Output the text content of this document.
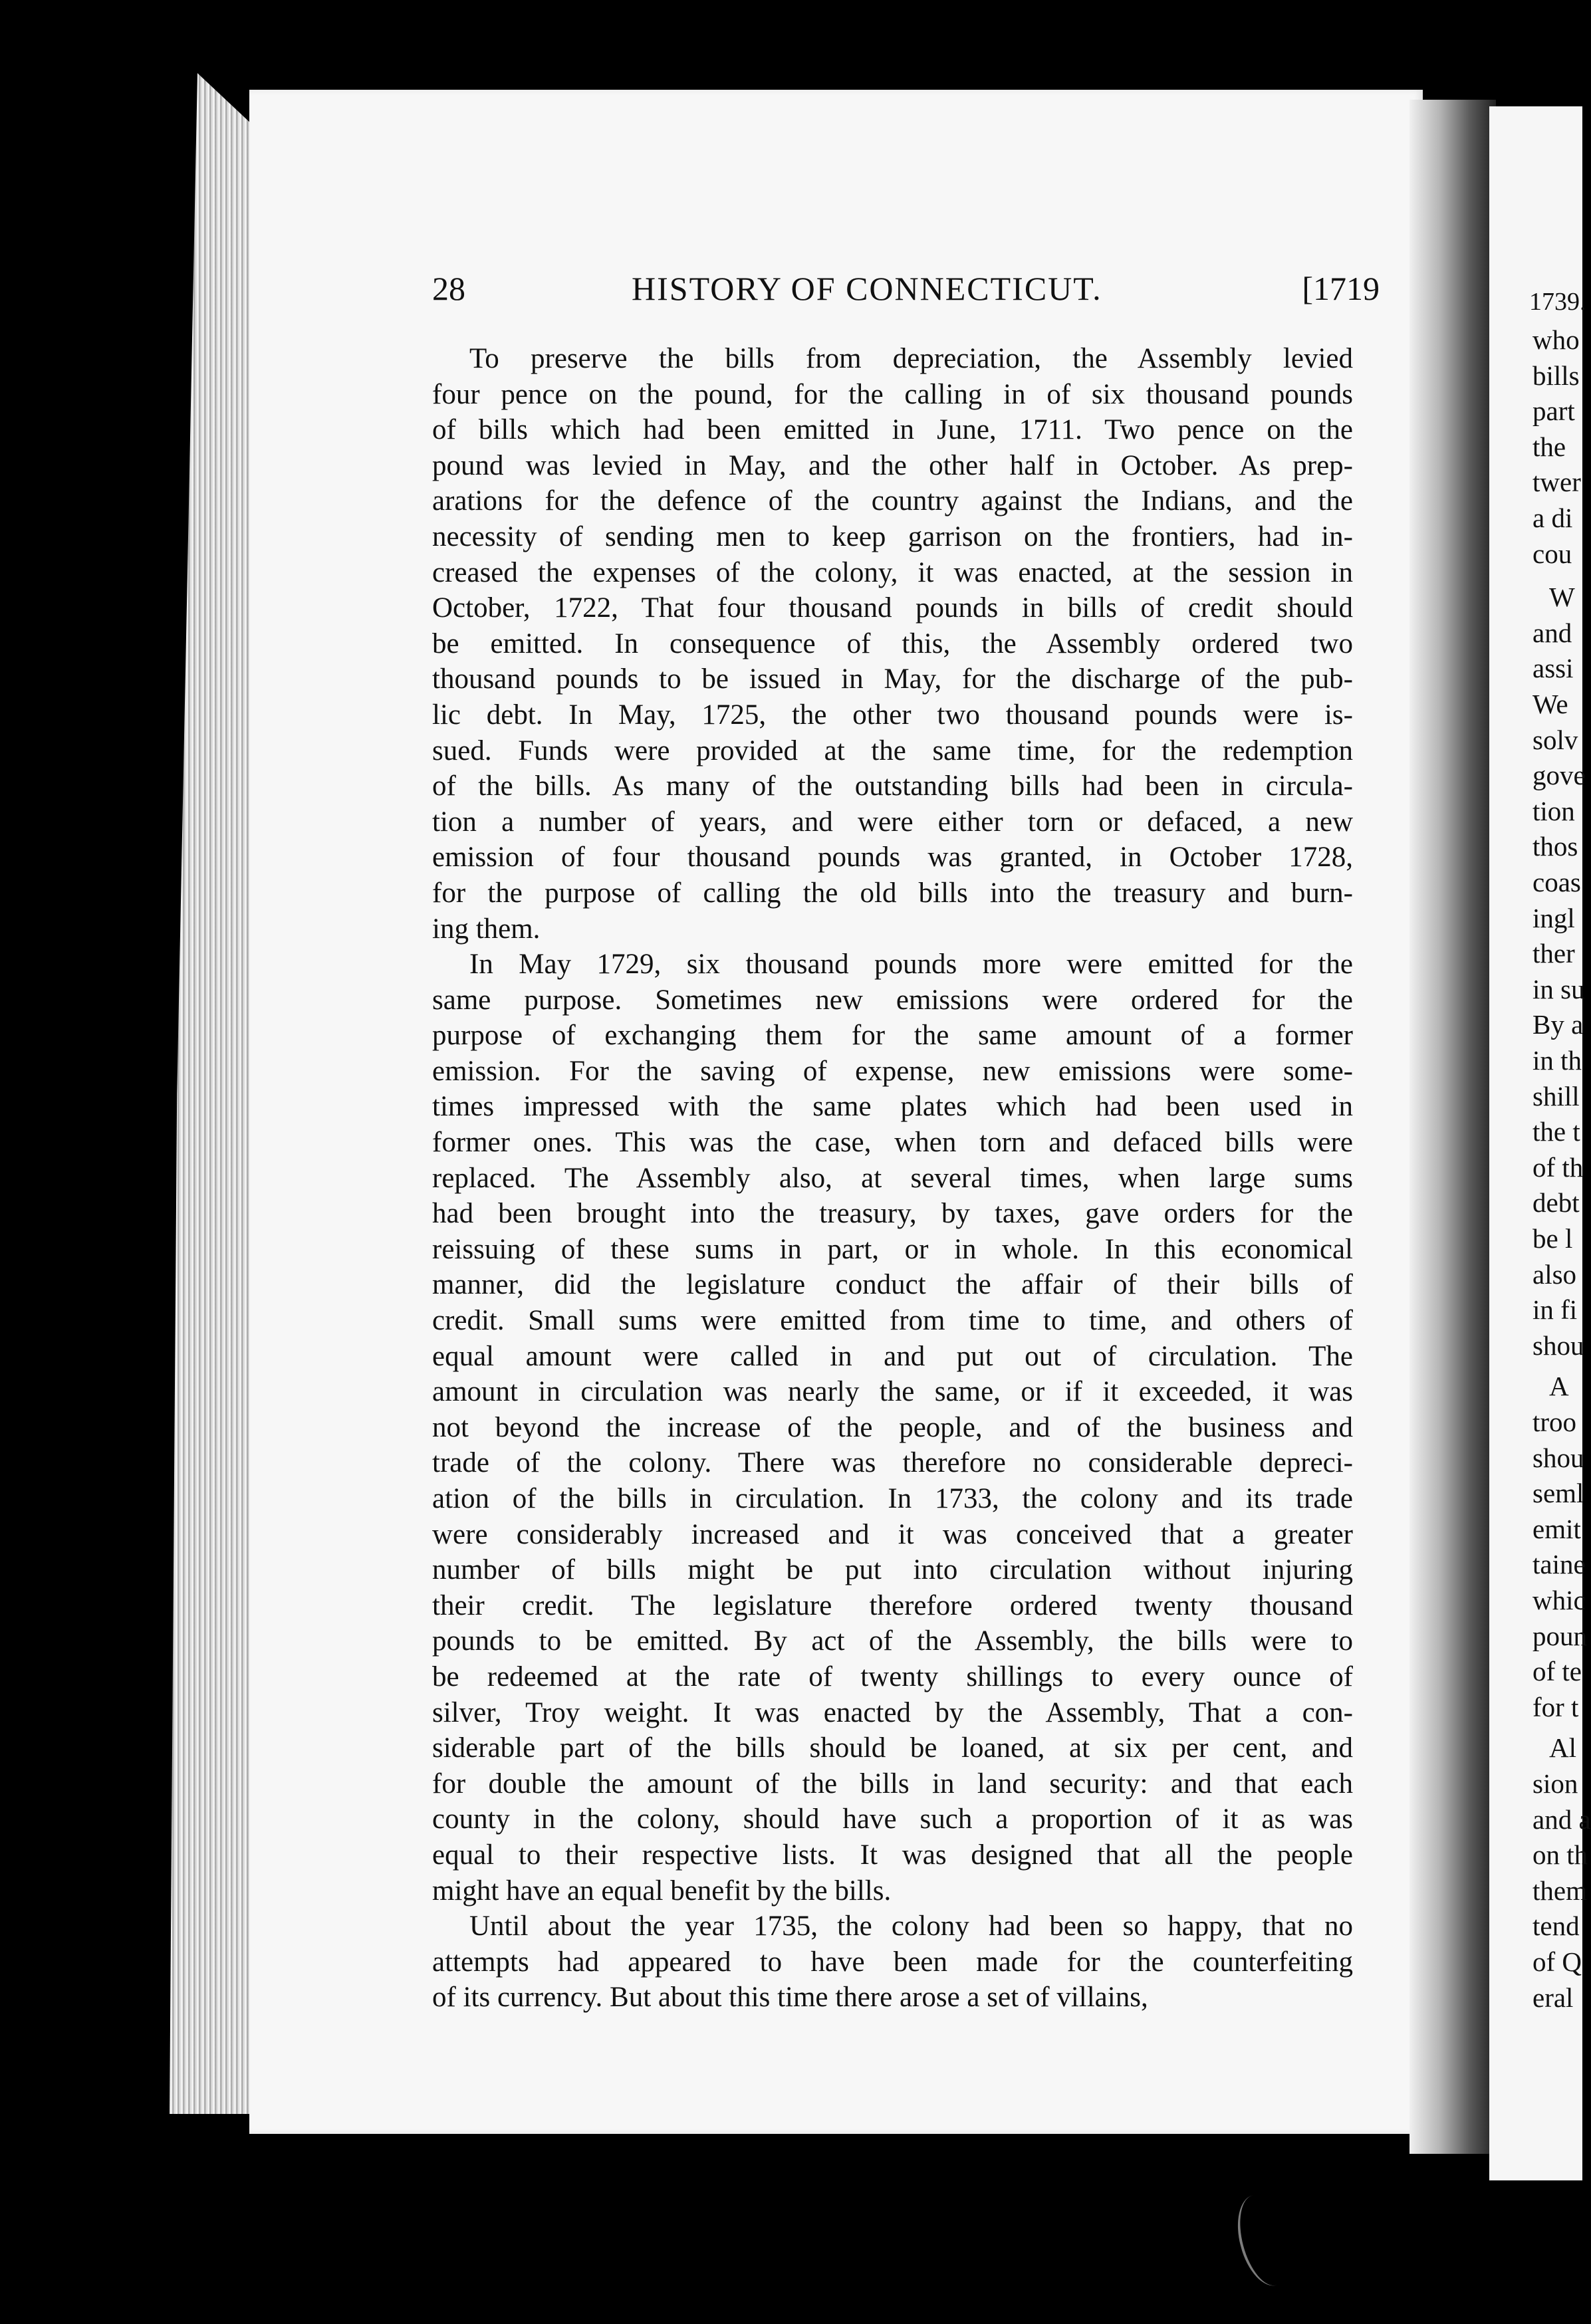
1739.
who
bills
part
the
twer
a di
cou
W
and
assi
We
solv
gove
tion
thos
coas
ingl
ther
in su
By a
in th
shill
the t
of th
debt
be l
also
in fi
shou
A
troo
shou
seml
emit
taine
whic
poun
of te
for t
Al
sion
and a
on th
them
tend
of Q
eral
28	HISTORY OF CONNECTICUT.	[1719
To preserve the bills from depreciation, the Assembly levied
four pence on the pound, for the calling in of six thousand pounds
of bills which had been emitted in June, 1711. Two pence on the
pound was levied in May, and the other half in October. As prep-
arations for the defence of the country against the Indians, and the
necessity of sending men to keep garrison on the frontiers, had in-
creased the expenses of the colony, it was enacted, at the session in
October, 1722, That four thousand pounds in bills of credit should
be emitted. In consequence of this, the Assembly ordered two
thousand pounds to be issued in May, for the discharge of the pub-
lic debt. In May, 1725, the other two thousand pounds were is-
sued. Funds were provided at the same time, for the redemption
of the bills. As many of the outstanding bills had been in circula-
tion a number of years, and were either torn or defaced, a new
emission of four thousand pounds was granted, in October 1728,
for the purpose of calling the old bills into the treasury and burn-
ing them.
In May 1729, six thousand pounds more were emitted for the
same purpose. Sometimes new emissions were ordered for the
purpose of exchanging them for the same amount of a former
emission. For the saving of expense, new emissions were some-
times impressed with the same plates which had been used in
former ones. This was the case, when torn and defaced bills were
replaced. The Assembly also, at several times, when large sums
had been brought into the treasury, by taxes, gave orders for the
reissuing of these sums in part, or in whole. In this economical
manner, did the legislature conduct the affair of their bills of
credit. Small sums were emitted from time to time, and others of
equal amount were called in and put out of circulation. The
amount in circulation was nearly the same, or if it exceeded, it was
not beyond the increase of the people, and of the business and
trade of the colony. There was therefore no considerable depreci-
ation of the bills in circulation. In 1733, the colony and its trade
were considerably increased and it was conceived that a greater
number of bills might be put into circulation without injuring
their credit. The legislature therefore ordered twenty thousand
pounds to be emitted. By act of the Assembly, the bills were to
be redeemed at the rate of twenty shillings to every ounce of
silver, Troy weight. It was enacted by the Assembly, That a con-
siderable part of the bills should be loaned, at six per cent, and
for double the amount of the bills in land security: and that each
county in the colony, should have such a proportion of it as was
equal to their respective lists. It was designed that all the people
might have an equal benefit by the bills.
Until about the year 1735, the colony had been so happy, that no
attempts had appeared to have been made for the counterfeiting
of its currency. But about this time there arose a set of villains,
